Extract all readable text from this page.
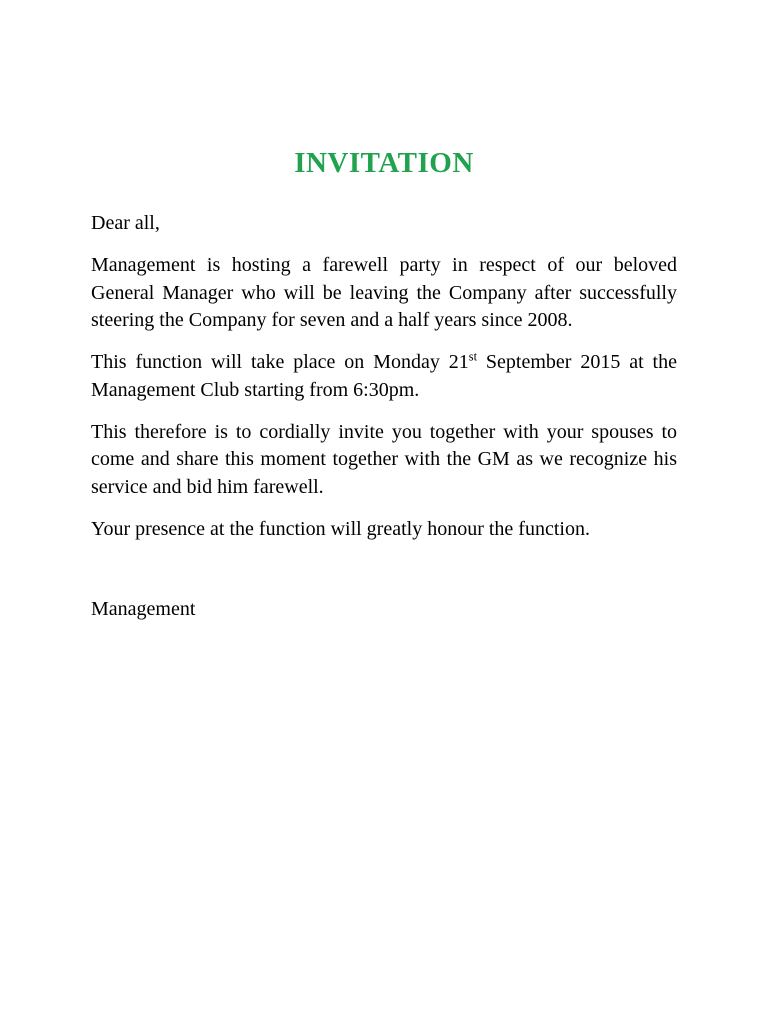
INVITATION

Dear all,

Management is hosting a farewell party in respect of our beloved General Manager who will be leaving the Company after successfully steering the Company for seven and a half years since 2008.

This function will take place on Monday 21st September 2015 at the Management Club starting from 6:30pm.

This therefore is to cordially invite you together with your spouses to come and share this moment together with the GM as we recognize his service and bid him farewell.

Your presence at the function will greatly honour the function.

Management
